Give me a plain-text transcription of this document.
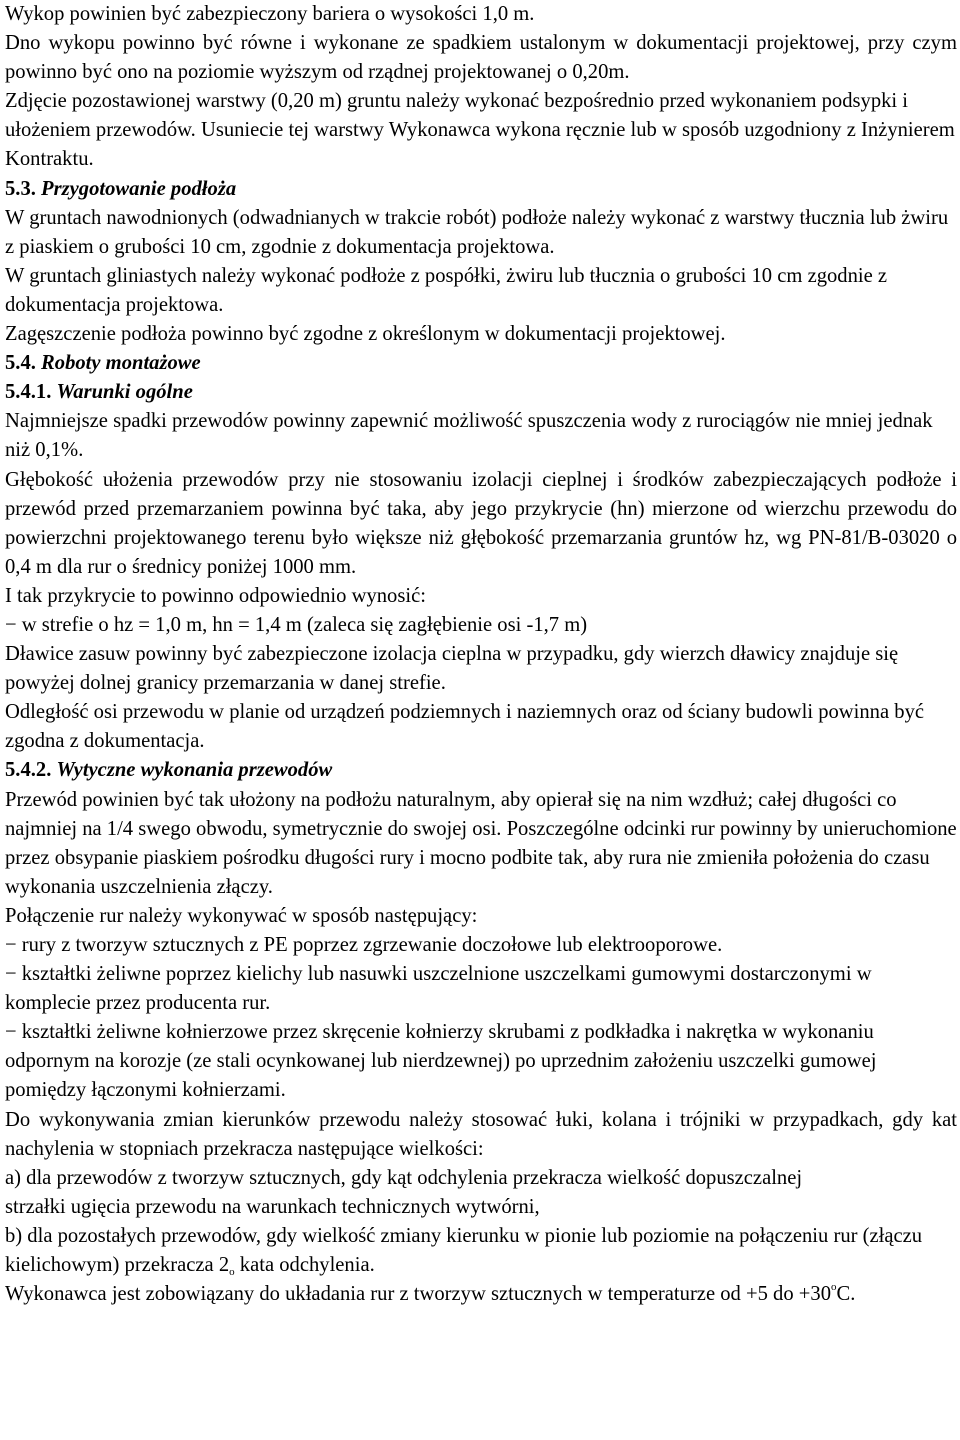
Wykop powinien być zabezpieczony bariera o wysokości 1,0 m.

Dno wykopu powinno być równe i wykonane ze spadkiem ustalonym w dokumentacji projektowej, przy czym powinno być ono na poziomie wyższym od rządnej projektowanej o 0,20m.

Zdjęcie pozostawionej warstwy (0,20 m) gruntu należy wykonać bezpośrednio przed wykonaniem podsypki i ułożeniem przewodów. Usuniecie tej warstwy Wykonawca wykona ręcznie lub w sposób uzgodniony z Inżynierem Kontraktu.

5.3. Przygotowanie podłoża

W gruntach nawodnionych (odwadnianych w trakcie robót) podłoże należy wykonać z warstwy tłucznia lub żwiru z piaskiem o grubości 10 cm, zgodnie z dokumentacja projektowa.

W gruntach gliniastych należy wykonać podłoże z pospółki, żwiru lub tłucznia o grubości 10 cm zgodnie z dokumentacja projektowa.

Zagęszczenie podłoża powinno być zgodne z określonym w dokumentacji projektowej.

5.4. Roboty montażowe

5.4.1. Warunki ogólne

Najmniejsze spadki przewodów powinny zapewnić możliwość spuszczenia wody z rurociągów nie mniej jednak niż 0,1%.

Głębokość ułożenia przewodów przy nie stosowaniu izolacji cieplnej i środków zabezpieczających podłoże i przewód przed przemarzaniem powinna być taka, aby jego przykrycie (hn) mierzone od wierzchu przewodu do powierzchni projektowanego terenu było większe niż głębokość przemarzania gruntów hz, wg PN-81/B-03020 o 0,4 m dla rur o średnicy poniżej 1000 mm.

I tak przykrycie to powinno odpowiednio wynosić:

− w strefie o hz = 1,0 m, hn = 1,4 m (zaleca się zagłębienie osi -1,7 m)

Dławice zasuw powinny być zabezpieczone izolacja cieplna w przypadku, gdy wierzch dławicy znajduje się powyżej dolnej granicy przemarzania w danej strefie.

Odległość osi przewodu w planie od urządzeń podziemnych i naziemnych oraz od ściany budowli powinna być zgodna z dokumentacja.

5.4.2. Wytyczne wykonania przewodów

Przewód powinien być tak ułożony na podłożu naturalnym, aby opierał się na nim wzdłuż; całej długości co najmniej na 1/4 swego obwodu, symetrycznie do swojej osi. Poszczególne odcinki rur powinny by unieruchomione przez obsypanie piaskiem pośrodku długości rury i mocno podbite tak, aby rura nie zmieniła położenia do czasu wykonania uszczelnienia złączy.

Połączenie rur należy wykonywać w sposób następujący:

− rury z tworzyw sztucznych z PE poprzez zgrzewanie doczołowe lub elektrooporowe.

− kształtki żeliwne poprzez kielichy lub nasuwki uszczelnione uszczelkami gumowymi dostarczonymi w komplecie przez producenta rur.

− kształtki żeliwne kołnierzowe przez skręcenie kołnierzy skrubami z podkładka i nakrętka w wykonaniu odpornym na korozje (ze stali ocynkowanej lub nierdzewnej) po uprzednim założeniu uszczelki gumowej pomiędzy łączonymi kołnierzami.

Do wykonywania zmian kierunków przewodu należy stosować łuki, kolana i trójniki w przypadkach, gdy kat nachylenia w stopniach przekracza następujące wielkości:

a) dla przewodów z tworzyw sztucznych, gdy kąt odchylenia przekracza wielkość dopuszczalnej

strzałki ugięcia przewodu na warunkach technicznych wytwórni,

b) dla pozostałych przewodów, gdy wielkość zmiany kierunku w pionie lub poziomie na połączeniu rur (złączu kielichowym) przekracza 2$^o$ kata odchylenia.

Wykonawca jest zobowiązany do układania rur z tworzyw sztucznych w temperaturze od +5 do $+30^oC$.
